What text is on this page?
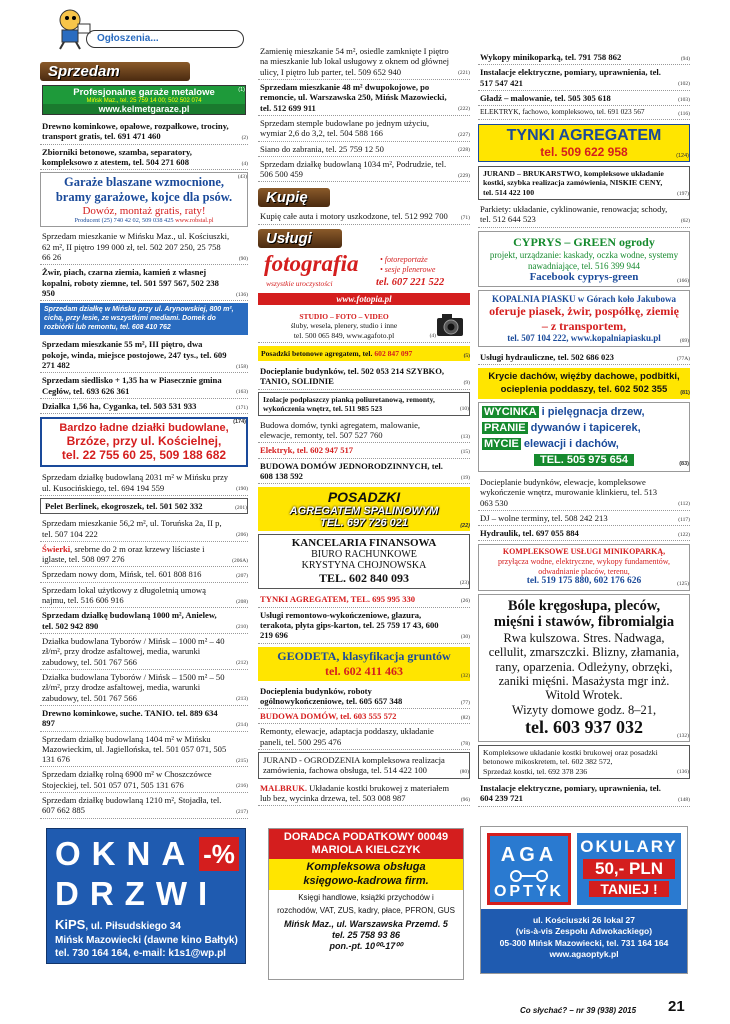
Ogłoszenia...
Sprzedam
Profesjonalne garaże metalowe
Mińsk Maz., tel. 25 759 14 00; 502 502 074
www.kelmetgaraze.pl
(1)
Drewno kominkowe, opałowe, rozpałkowe, trociny, transport gratis, tel. 691 471 460	(2)
Zbiorniki betonowe, szamba, separatory, kompleksowo z atestem, tel. 504 271 608	(4)
Garaże blaszane wzmocnione,
bramy garażowe, kojce dla psów.
Dowóz, montaż gratis, raty!
Producent (25) 740 42 02, 509 038 425 www.robstal.pl
(43)
Sprzedam mieszkanie w Mińsku Maz., ul. Kościuszki, 62 m², II piętro 199 000 zł, tel. 502 207 250, 25 758 66 26	(90)
Żwir, piach, czarna ziemia, kamień z własnej kopalni, roboty ziemne, tel. 501 597 567, 502 238 950	(136)
Sprzedam działkę w Mińsku przy ul. Arynowskiej, 800 m², cichą, przy lesie, ze wszystkimi mediami. Domek do rozbiórki lub remontu, tel. 608 410 762
Sprzedam mieszkanie 55 m², III piętro, dwa pokoje, winda, miejsce postojowe, 247 tys., tel. 609 271 482	(158)
Sprzedam siedlisko + 1,35 ha w Piasecznie gmina Cegłów, tel. 693 626 361	(163)
Działka 1,56 ha, Cyganka, tel. 503 531 933	(171)
Bardzo ładne działki budowlane,
Brzóze, przy ul. Kościelnej,
tel. 22 755 60 25, 509 188 682
(174)
Sprzedam działkę budowlaną 2031 m² w Mińsku przy ul. Kusocińskiego, tel. 694 194 559	(190)
Pelet Berlinek, ekogroszek, tel. 501 502 332	(201)
Sprzedam mieszkanie 56,2 m², ul. Toruńska 2a, II p, tel. 507 104 222	(206)
Świerki, srebrne do 2 m oraz krzewy liściaste i iglaste, tel. 508 097 276	(206A)
Sprzedam nowy dom, Mińsk, tel. 601 808 816	(207)
Sprzedam lokal użytkowy z długoletnią umową najmu, tel. 516 606 916	(208)
Sprzedam działkę budowlaną 1000 m², Anielew, tel. 502 942 890	(210)
Działka budowlana Tyborów / Mińsk – 1000 m² – 40 zł/m², przy drodze asfaltowej, media, warunki zabudowy, tel. 501 767 566	(212)
Działka budowlana Tyborów / Mińsk – 1500 m² – 50 zł/m², przy drodze asfaltowej, media, warunki zabudowy, tel. 501 767 566	(213)
Drewno kominkowe, suche. TANIO. tel. 889 634 897	(214)
Sprzedam działkę budowlaną 1404 m² w Mińsku Mazowieckim, ul. Jagiellońska, tel. 501 057 071, 505 131 676	(215)
Sprzedam działkę rolną 6900 m² w Choszczówce Stojeckiej, tel. 501 057 071, 505 131 676	(216)
Sprzedam działkę budowlaną 1210 m², Stojadła, tel. 607 662 885	(217)
OKNA -%
DRZWI
KiPS, ul. Piłsudskiego 34
Mińsk Mazowiecki (dawne kino Bałtyk)
tel. 730 164 164, e-mail: k1s1@wp.pl
Zamienię mieszkanie 54 m², osiedle zamknięte I piętro na mieszkanie lub lokal usługowy z oknem od głównej ulicy, I piętro lub parter, tel. 509 652 940	(221)
Sprzedam mieszkanie 48 m² dwupokojowe, po remoncie, ul. Warszawska 250, Mińsk Mazowiecki, tel. 512 699 911	(222)
Sprzedam stemple budowlane po jednym użyciu, wymiar 2,6 do 3,2, tel. 504 588 166	(227)
Siano do zabrania, tel. 25 759 12 50	(228)
Sprzedam działkę budowlaną 1034 m², Podrudzie, tel. 506 500 459	(229)
Kupię
Kupię całe auta i motory uszkodzone, tel. 512 992 700	(71)
Usługi
fotografia
wszystkie uroczystości
• fotoreportaże
• sesje plenerowe
tel. 607 221 522
www.fotopia.pl
STUDIO – FOTO – VIDEO
śluby, wesela, plenery, studio i inne
tel. 500 065 849, www.agafoto.pl	(4)
Posadzki betonowe agregatem, tel. 602 847 097	(5)
Docieplanie budynków, tel. 502 053 214 SZYBKO, TANIO, SOLIDNIE	(9)
Izolacje podpłaszczy pianką poliuretanową, remonty, wykończenia wnętrz, tel. 511 985 523	(10)
Budowa domów, tynki agregatem, malowanie, elewacje, remonty, tel. 507 527 760	(13)
Elektryk, tel. 602 947 517	(15)
BUDOWA DOMÓW JEDNORODZINNYCH, tel. 608 138 592	(19)
POSADZKI
AGREGATEM SPALINOWYM
TEL. 697 726 021	(22)
KANCELARIA FINANSOWA
BIURO RACHUNKOWE
KRYSTYNA CHOJNOWSKA
TEL. 602 840 093	(23)
TYNKI AGREGATEM, TEL. 695 995 330	(26)
Usługi remontowo-wykończeniowe, glazura, terakota, płyta gips-karton, tel. 25 759 17 43, 600 219 696	(30)
GEODETA, klasyfikacja gruntów
tel. 602 411 463	(32)
Docieplenia budynków, roboty ogólnowykończeniowe, tel. 605 657 348	(77)
BUDOWA DOMÓW, tel. 603 555 572	(82)
Remonty, elewacje, adaptacja poddaszy, układanie paneli, tel. 500 295 476	(78)
JURAND - OGRODZENIA kompleksowa realizacja zamówienia, fachowa obsługa, tel. 514 422 100	(80)
MALBRUK. Układanie kostki brukowej z materiałem lub bez, wycinka drzewa, tel. 503 008 987	(96)
DORADCA PODATKOWY 00049
MARIOLA KIELCZYK
Kompleksowa obsługa
księgowo-kadrowa firm.
Księgi handlowe, książki przychodów i rozchodów, VAT, ZUS, kadry, płace, PFRON, GUS
Mińsk Maz., ul. Warszawska Przemd. 5
tel. 25 758 93 86
pon.-pt. 10⁰⁰-17⁰⁰
NOTATKA
Wykopy minikoparką, tel. 791 758 862	(94)
Instalacje elektryczne, pomiary, uprawnienia, tel. 517 547 421	(102)
Gładź – malowanie, tel. 505 305 618	(103)
ELEKTRYK, fachowo, kompleksowo, tel. 691 023 567	(116)
TYNKI AGREGATEM
tel. 509 622 958	(124)
JURAND – BRUKARSTWO, kompleksowe układanie kostki, szybka realizacja zamówienia, NISKIE CENY, tel. 514 422 100	(197)
Parkiety: układanie, cyklinowanie, renowacja; schody, tel. 512 644 523	(62)
CYPRYS – GREEN ogrody
projekt, urządzanie: kaskady, oczka wodne, systemy nawadniające, tel. 516 399 944
Facebook cyprys-green	(166)
KOPALNIA PIASKU w Górach koło Jakubowa
oferuje piasek, żwir, pospółkę, ziemię – z transportem,
tel. 507 104 222, www.kopalniapiasku.pl	(69)
Usługi hydrauliczne, tel. 502 686 023	(77A)
Krycie dachów, więźby dachowe, podbitki,
ocieplenia poddaszy, tel. 602 502 355	(81)
WYCINKA i pielęgnacja drzew,
PRANIE dywanów i tapicerek,
MYCIE elewacji i dachów,
TEL. 505 975 654	(83)
Docieplanie budynków, elewacje, kompleksowe wykończenie wnętrz, murowanie klinkieru, tel. 513 063 530	(112)
DJ – wolne terminy, tel. 508 242 213	(117)
Hydraulik, tel. 697 055 884	(122)
KOMPLEKSOWE USŁUGI MINIKOPARKĄ,
przyłącza wodne, elektryczne, wykopy fundamentów, odwadnianie placów, terenu,
tel. 519 175 880, 602 176 626	(125)
Bóle kręgosłupa, pleców,
mięśni i stawów, fibromialgia
Rwa kulszowa. Stres. Nadwaga, cellulit, zmarszczki. Blizny, złamania, rany, oparzenia. Odleżyny, obrzęki, zaniki mięśni. Masażysta mgr inż. Witold Wrotek.
Wizyty domowe godz. 8–21,
tel. 603 937 032	(132)
Kompleksowe układanie kostki brukowej oraz posadzki betonowe mikoskretem, tel. 602 382 572,
Sprzedaż kostki, tel. 692 378 236	(136)
Instalacje elektryczne, pomiary, uprawnienia, tel. 604 239 721	(148)
AGA
OPTYK
OKULARY
50,- PLN
TANIEJ !
ul. Kościuszki 26 lokal 27
(vis-à-vis Zespołu Adwokackiego)
05-300 Mińsk Mazowiecki, tel. 731 164 164
www.agaoptyk.pl
Co słychać? – nr 39 (938) 2015 21
